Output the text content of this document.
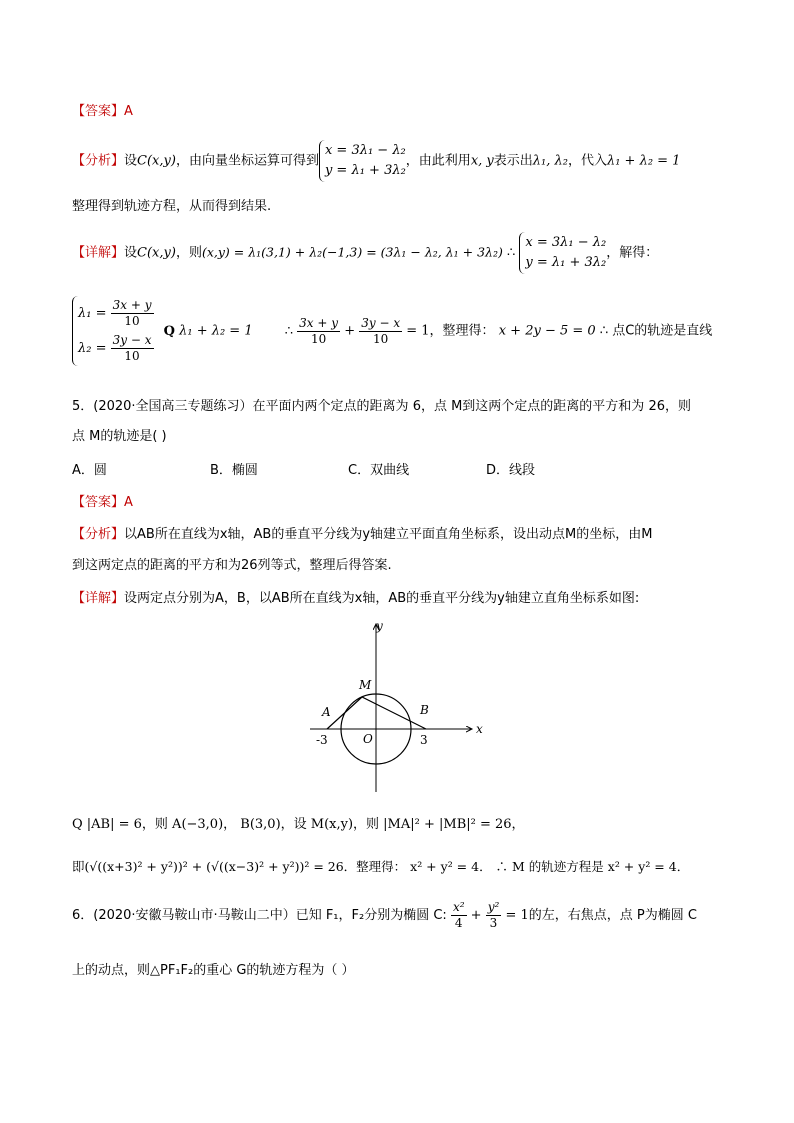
【答案】A
【分析】设C(x,y)，由向量坐标运算可得到
x = 3λ₁ − λ₂
y = λ₁ + 3λ₂
，由此利用x, y表示出λ₁, λ₂，代入λ₁ + λ₂ = 1
整理得到轨迹方程，从而得到结果.
【详解】设C(x,y)，则(x,y) = λ₁(3,1) + λ₂(−1,3) = (3λ₁ − λ₂, λ₁ + 3λ₂) ∴
x = 3λ₁ − λ₂
y = λ₁ + 3λ₂
，解得：
$\lambda_1 = \frac{3x + y}{10}$
$\lambda_2 = \frac{3y - x}{10}$
Q λ₁ + λ₂ = 1 ∴ $\frac{3x + y}{10} + \frac{3y - x}{10} = 1$，整理得： x + 2y − 5 = 0 ∴ 点C的轨迹是直线
5．(2020·全国高三专题练习）在平面内两个定点的距离为 6，点 M到这两个定点的距离的平方和为 26，则
点 M的轨迹是( )
A．圆	B．椭圆	C．双曲线	D．线段
【答案】A
【分析】以AB所在直线为x轴，AB的垂直平分线为y轴建立平面直角坐标系，设出动点M的坐标，由M
到这两定点的距离的平方和为26列等式，整理后得答案.
【详解】设两定点分别为A，B，以AB所在直线为x轴，AB的垂直平分线为y轴建立直角坐标系如图:
y
x
M
A	B
O
-3	3
Q |AB| = 6，则 A(−3,0)， B(3,0)，设 M(x,y)，则 |MA|² + |MB|² = 26，
即(√((x+3)² + y²))² + (√((x−3)² + y²))² = 26．整理得： x² + y² = 4． ∴ M 的轨迹方程是 x² + y² = 4．
6．(2020·安徽马鞍山市·马鞍山二中）已知 F₁，F₂分别为椭圆 C: $\frac{\text{x²}}{4} + \frac{\text{y²}}{3} = 1$的左，右焦点，点 P为椭圆 C
上的动点，则△PF₁F₂的重心 G的轨迹方程为（ ）
